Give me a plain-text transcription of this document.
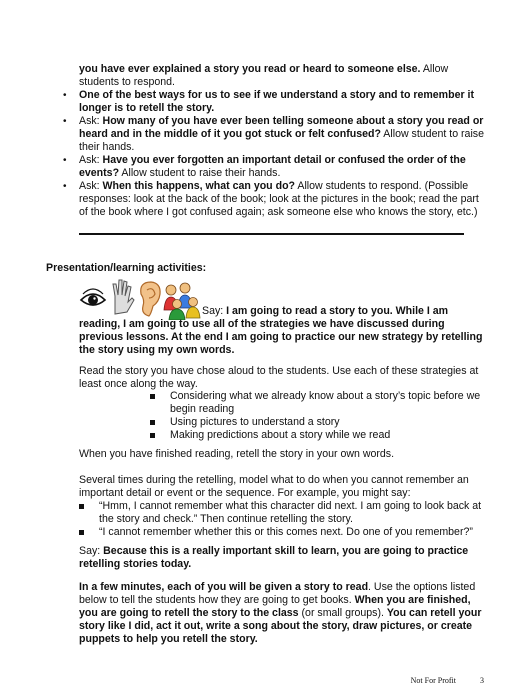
you have ever explained a story you read or heard to someone else. Allow students to respond.

• One of the best ways for us to see if we understand a story and to remember it longer is to retell the story.
• Ask: How many of you have ever been telling someone about a story you read or heard and in the middle of it you got stuck or felt confused? Allow student to raise their hands.
• Ask: Have you ever forgotten an important detail or confused the order of the events? Allow student to raise their hands.
• Ask: When this happens, what can you do? Allow students to respond. (Possible responses: look at the back of the book; look at the pictures in the book; read the part of the book where I got confused again; ask someone else who knows the story, etc.)
Presentation/learning activities:

Say: I am going to read a story to you. While I am reading, I am going to use all of the strategies we have discussed during previous lessons. At the end I am going to practice our new strategy by retelling the story using my own words.

Read the story you have chose aloud to the students. Use each of these strategies at least once along the way.

Considering what we already know about a story’s topic before we begin reading
Using pictures to understand a story
Making predictions about a story while we read

When you have finished reading, retell the story in your own words.

Several times during the retelling, model what to do when you cannot remember an important detail or event or the sequence. For example, you might say:

“Hmm, I cannot remember what this character did next. I am going to look back at the story and check.” Then continue retelling the story.
“I cannot remember whether this or this comes next. Do one of you remember?”

Say: Because this is a really important skill to learn, you are going to practice retelling stories today.

In a few minutes, each of you will be given a story to read. Use the options listed below to tell the students how they are going to get books. When you are finished, you are going to retell the story to the class (or small groups). You can retell your story like I did, act it out, write a song about the story, draw pictures, or create puppets to help you retell the story.

Not For Profit	3
